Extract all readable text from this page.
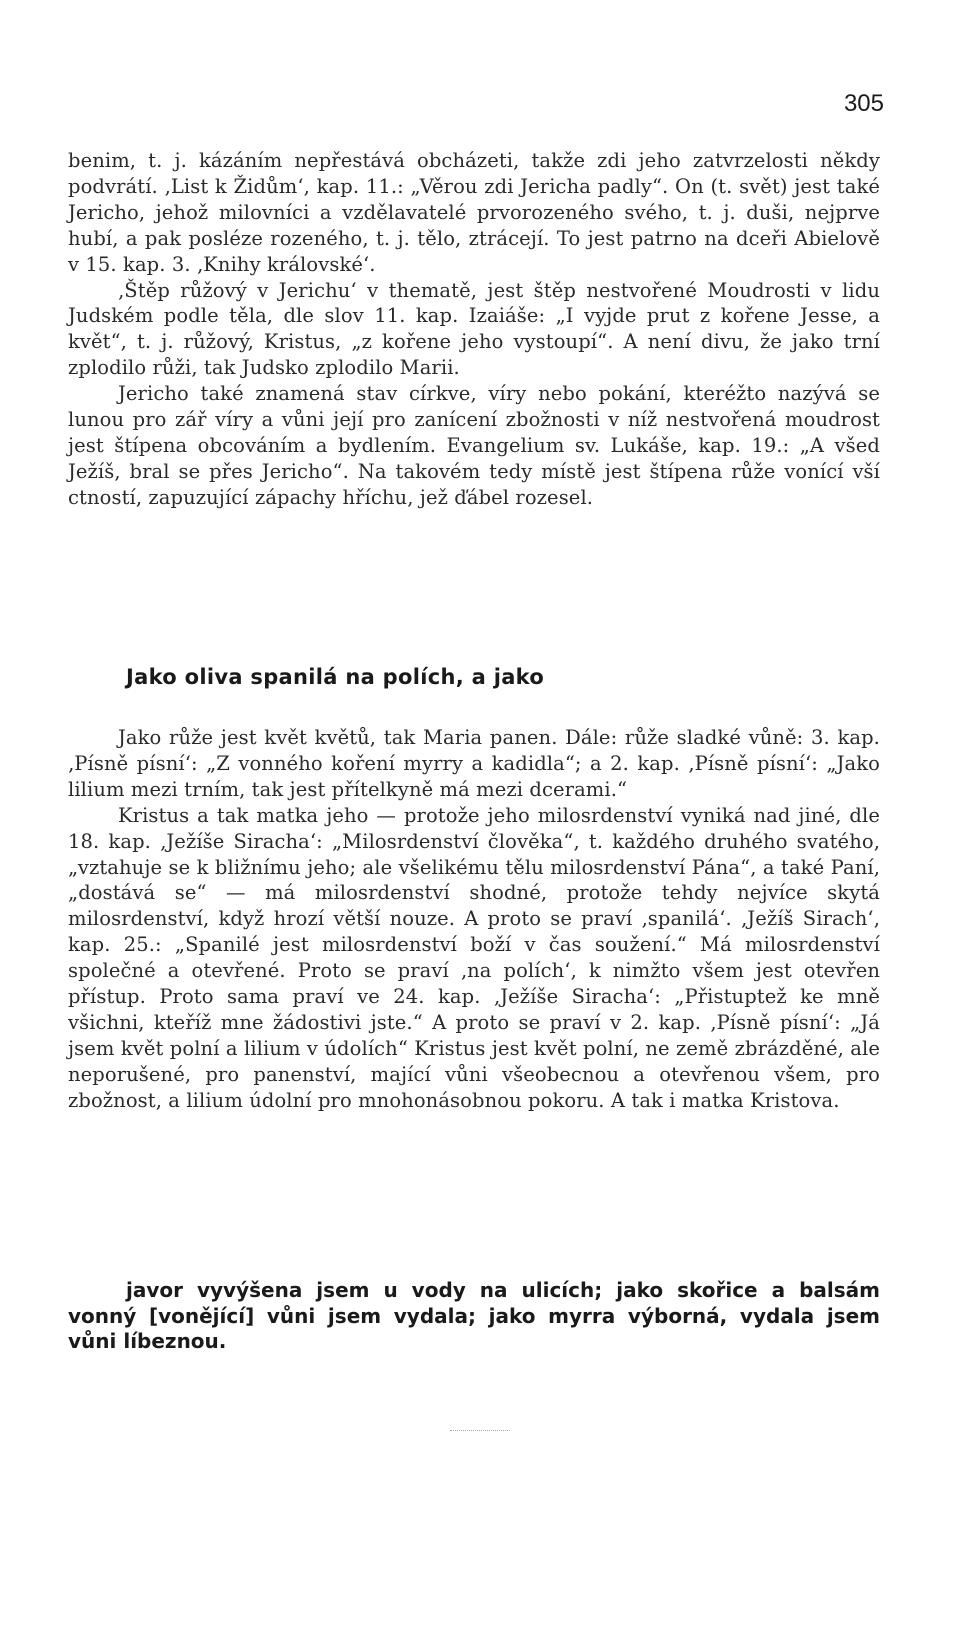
305

benim, t. j. kázáním nepřestává obcházeti, takže zdi jeho zatvrzelosti někdy podvrátí. ‚List k Židům‘, kap. 11.: „Věrou zdi Jericha padly“. On (t. svět) jest také Jericho, jehož milovníci a vzdělavatelé prvorozeného svého, t. j. duši, nejprve hubí, a pak posléze rozeného, t. j. tělo, ztrácejí. To jest patrno na dceři Abielově v 15. kap. 3. ‚Knihy královské‘.

‚Štěp růžový v Jerichu‘ v thematě, jest štěp nestvořené Moudrosti v lidu Judském podle těla, dle slov 11. kap. Izaiáše: „I vyjde prut z kořene Jesse, a květ“, t. j. růžový, Kristus, „z kořene jeho vystoupí“. A není divu, že jako trní zplodilo růži, tak Judsko zplodilo Marii.

Jericho také znamená stav církve, víry nebo pokání, kteréžto nazývá se lunou pro zář víry a vůni její pro zanícení zbožnosti v níž nestvořená moudrost jest štípena obcováním a bydlením. Evangelium sv. Lukáše, kap. 19.: „A všed Ježíš, bral se přes Jericho“. Na takovém tedy místě jest štípena růže vonící vší ctností, zapuzující zápachy hříchu, jež ďábel rozesel.

Jako oliva spanilá na polích, a jako

Jako růže jest květ květů, tak Maria panen. Dále: růže sladké vůně: 3. kap. ‚Písně písní‘: „Z vonného koření myrry a kadidla“; a 2. kap. ‚Písně písní‘: „Jako lilium mezi trním, tak jest přítelkyně má mezi dcerami.“

Kristus a tak matka jeho — protože jeho milosrdenství vyniká nad jiné, dle 18. kap. ‚Ježíše Siracha‘: „Milosrdenství člověka“, t. každého druhého svatého, „vztahuje se k bližnímu jeho; ale všelikému tělu milosrdenství Pána“, a také Paní, „dostává se“ — má milosrdenství shodné, protože tehdy nejvíce skytá milosrdenství, když hrozí větší nouze. A proto se praví ‚spanilá‘. ‚Ježíš Sirach‘, kap. 25.: „Spanilé jest milosrdenství boží v čas soužení.“ Má milosrdenství společné a otevřené. Proto se praví ‚na polích‘, k nimžto všem jest otevřen přístup. Proto sama praví ve 24. kap. ‚Ježíše Siracha‘: „Přistuptež ke mně všichni, kteříž mne žádostivi jste.“ A proto se praví v 2. kap. ‚Písně písní‘: „Já jsem květ polní a lilium v údolích“ Kristus jest květ polní, ne země zbrázděné, ale neporušené, pro panenství, mající vůni všeobecnou a otevřenou všem, pro zbožnost, a lilium údolní pro mnohonásobnou pokoru. A tak i matka Kristova.

javor vyvýšena jsem u vody na ulicích; jako skořice a balsám vonný [vonějící] vůni jsem vydala; jako myrra výborná, vydala jsem vůni líbeznou.
